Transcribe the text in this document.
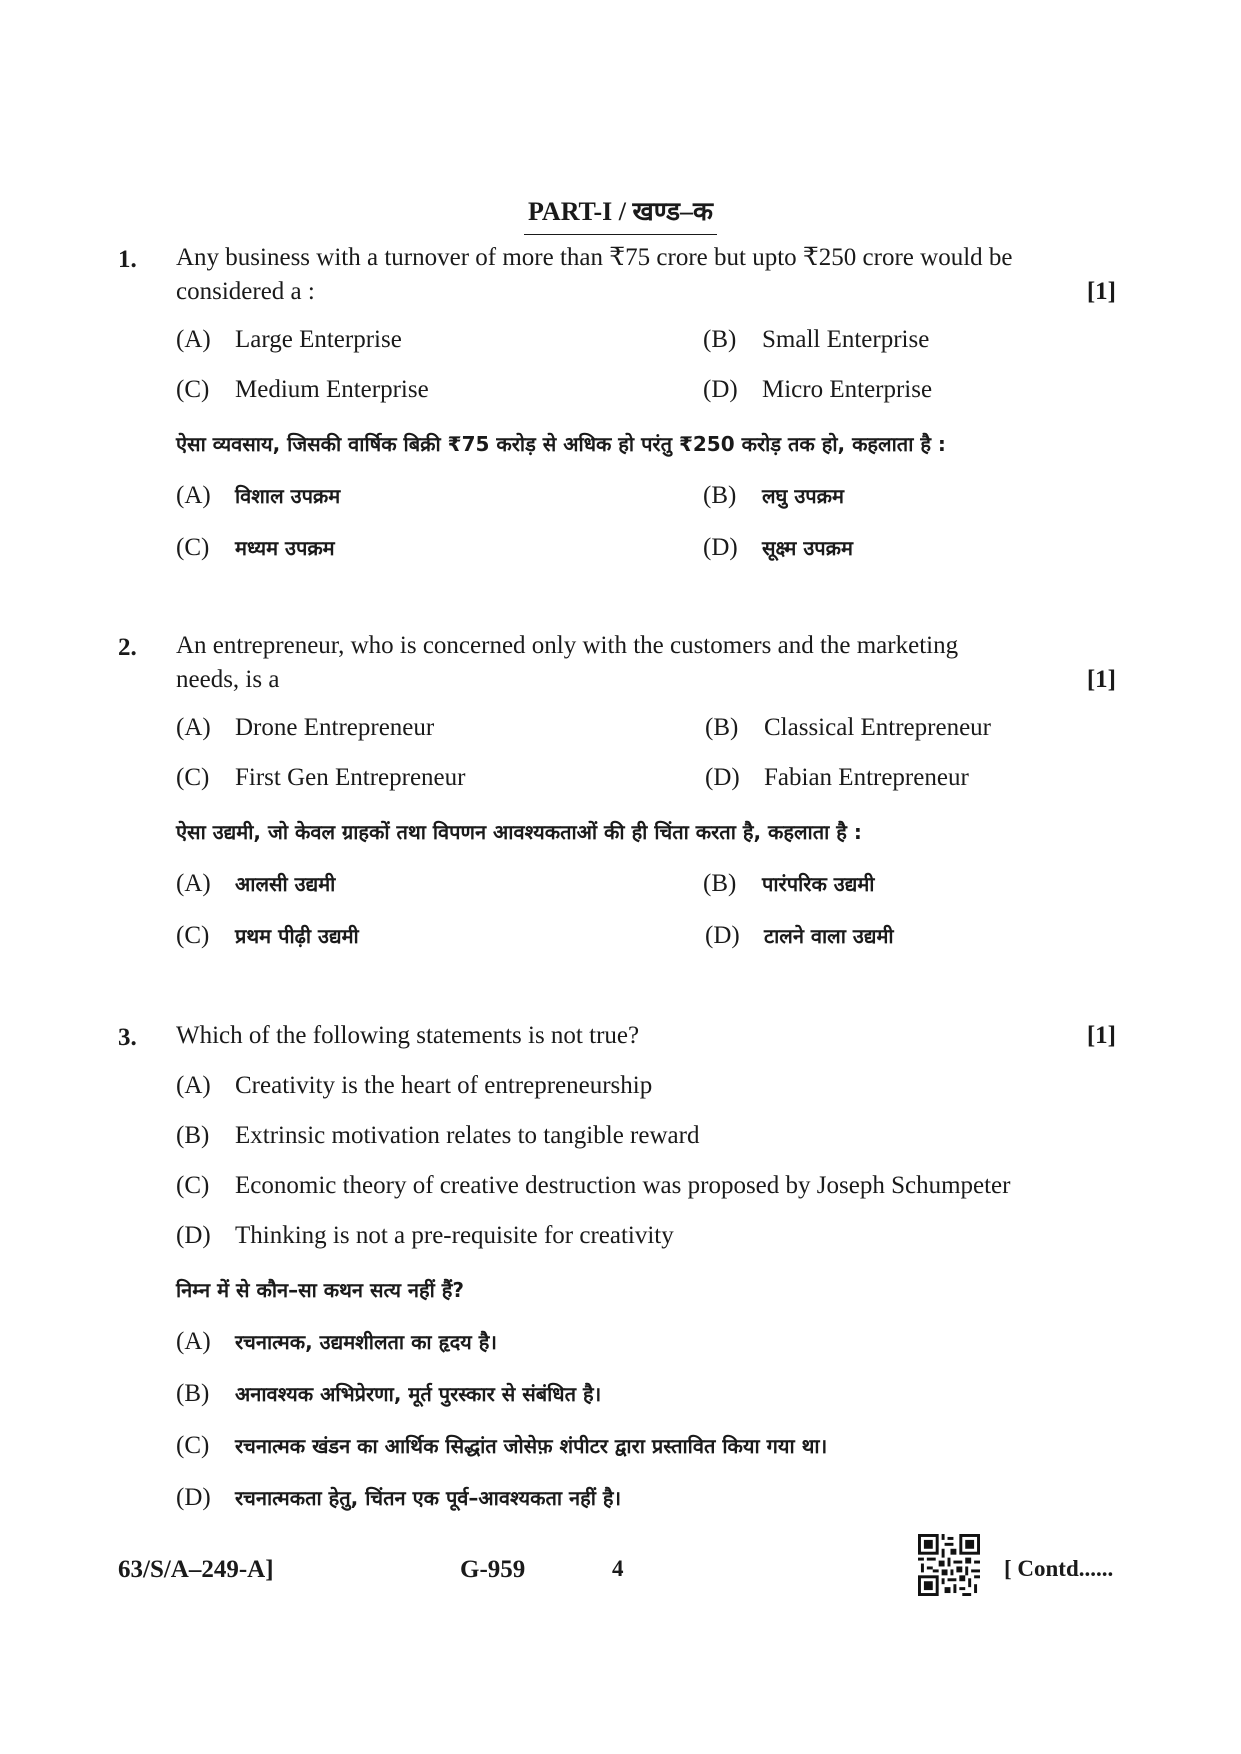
PART-I / खण्ड–क
1. Any business with a turnover of more than ₹75 crore but upto ₹250 crore would be
considered a :	[1]
(A) Large Enterprise	(B) Small Enterprise
(C) Medium Enterprise	(D) Micro Enterprise
ऐसा व्यवसाय, जिसकी वार्षिक बिक्री ₹75 करोड़ से अधिक हो परंतु ₹250 करोड़ तक हो, कहलाता है :
(A) विशाल उपक्रम	(B) लघु उपक्रम
(C) मध्यम उपक्रम	(D) सूक्ष्म उपक्रम
2. An entrepreneur, who is concerned only with the customers and the marketing
needs, is a	[1]
(A) Drone Entrepreneur	(B) Classical Entrepreneur
(C) First Gen Entrepreneur	(D) Fabian Entrepreneur
ऐसा उद्यमी, जो केवल ग्राहकों तथा विपणन आवश्यकताओं की ही चिंता करता है, कहलाता है :
(A) आलसी उद्यमी	(B) पारंपरिक उद्यमी
(C) प्रथम पीढ़ी उद्यमी	(D) टालने वाला उद्यमी
3. Which of the following statements is not true?	[1]
(A) Creativity is the heart of entrepreneurship
(B) Extrinsic motivation relates to tangible reward
(C) Economic theory of creative destruction was proposed by Joseph Schumpeter
(D) Thinking is not a pre-requisite for creativity
निम्न में से कौन–सा कथन सत्य नहीं हैं?
(A) रचनात्मक, उद्यमशीलता का हृदय है।
(B) अनावश्यक अभिप्रेरणा, मूर्त पुरस्कार से संबंधित है।
(C) रचनात्मक खंडन का आर्थिक सिद्धांत जोसेफ़ शंपीटर द्वारा प्रस्तावित किया गया था।
(D) रचनात्मकता हेतु, चिंतन एक पूर्व–आवश्यकता नहीं है।
63/S/A–249-A]	G-959	4	[ Contd......
